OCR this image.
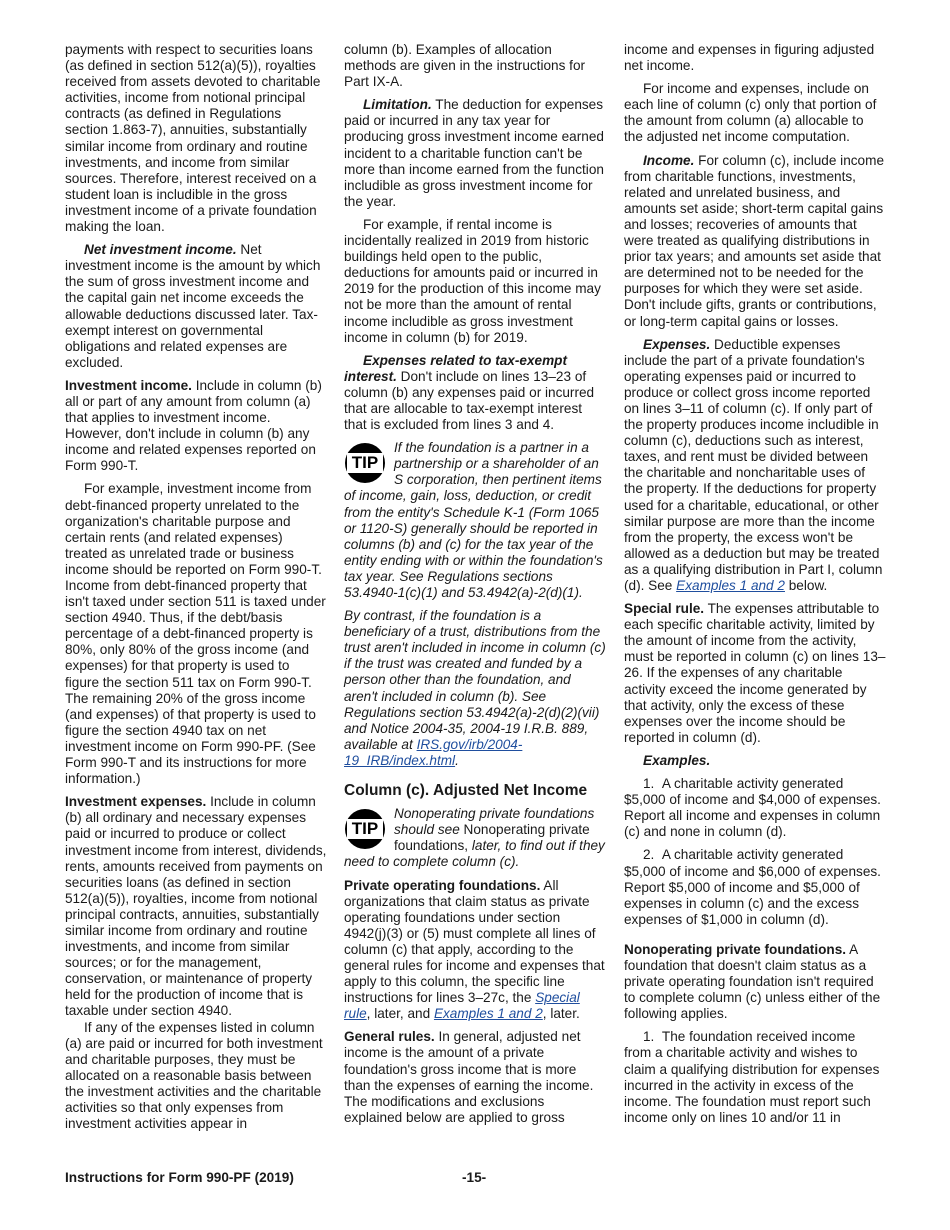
payments with respect to securities loans (as defined in section 512(a)(5)), royalties received from assets devoted to charitable activities, income from notional principal contracts (as defined in Regulations section 1.863-7), annuities, substantially similar income from ordinary and routine investments, and income from similar sources. Therefore, interest received on a student loan is includible in the gross investment income of a private foundation making the loan.

Net investment income. Net investment income is the amount by which the sum of gross investment income and the capital gain net income exceeds the allowable deductions discussed later. Tax-exempt interest on governmental obligations and related expenses are excluded.

Investment income. Include in column (b) all or part of any amount from column (a) that applies to investment income. However, don't include in column (b) any income and related expenses reported on Form 990-T.

For example, investment income from debt-financed property unrelated to the organization's charitable purpose and certain rents (and related expenses) treated as unrelated trade or business income should be reported on Form 990-T. Income from debt-financed property that isn't taxed under section 511 is taxed under section 4940. Thus, if the debt/basis percentage of a debt-financed property is 80%, only 80% of the gross income (and expenses) for that property is used to figure the section 511 tax on Form 990-T. The remaining 20% of the gross income (and expenses) of that property is used to figure the section 4940 tax on net investment income on Form 990-PF. (See Form 990-T and its instructions for more information.)

Investment expenses. Include in column (b) all ordinary and necessary expenses paid or incurred to produce or collect investment income from interest, dividends, rents, amounts received from payments on securities loans (as defined in section 512(a)(5)), royalties, income from notional principal contracts, annuities, substantially similar income from ordinary and routine investments, and income from similar sources; or for the management, conservation, or maintenance of property held for the production of income that is taxable under section 4940.

If any of the expenses listed in column (a) are paid or incurred for both investment and charitable purposes, they must be allocated on a reasonable basis between the investment activities and the charitable activities so that only expenses from investment activities appear in

column (b). Examples of allocation methods are given in the instructions for Part IX-A.

Limitation. The deduction for expenses paid or incurred in any tax year for producing gross investment income earned incident to a charitable function can't be more than income earned from the function includible as gross investment income for the year.

For example, if rental income is incidentally realized in 2019 from historic buildings held open to the public, deductions for amounts paid or incurred in 2019 for the production of this income may not be more than the amount of rental income includible as gross investment income in column (b) for 2019.

Expenses related to tax-exempt interest. Don't include on lines 13–23 of column (b) any expenses paid or incurred that are allocable to tax-exempt interest that is excluded from lines 3 and 4.

TIP

If the foundation is a partner in a partnership or a shareholder of an S corporation, then pertinent items of income, gain, loss, deduction, or credit from the entity's Schedule K-1 (Form 1065 or 1120-S) generally should be reported in columns (b) and (c) for the tax year of the entity ending with or within the foundation's tax year. See Regulations sections 53.4940-1(c)(1) and 53.4942(a)-2(d)(1).

By contrast, if the foundation is a beneficiary of a trust, distributions from the trust aren't included in income in column (c) if the trust was created and funded by a person other than the foundation, and aren't included in column (b). See Regulations section 53.4942(a)-2(d)(2)(vii) and Notice 2004-35, 2004-19 I.R.B. 889, available at IRS.gov/irb/2004-19_IRB/index.html.

Column (c). Adjusted Net Income
TIP

Nonoperating private foundations should see Nonoperating private foundations, later, to find out if they need to complete column (c).

Private operating foundations. All organizations that claim status as private operating foundations under section 4942(j)(3) or (5) must complete all lines of column (c) that apply, according to the general rules for income and expenses that apply to this column, the specific line instructions for lines 3–27c, the Special rule, later, and Examples 1 and 2, later.

General rules. In general, adjusted net income is the amount of a private foundation's gross income that is more than the expenses of earning the income. The modifications and exclusions explained below are applied to gross

income and expenses in figuring adjusted net income.

For income and expenses, include on each line of column (c) only that portion of the amount from column (a) allocable to the adjusted net income computation.

Income. For column (c), include income from charitable functions, investments, related and unrelated business, and amounts set aside; short-term capital gains and losses; recoveries of amounts that were treated as qualifying distributions in prior tax years; and amounts set aside that are determined not to be needed for the purposes for which they were set aside. Don't include gifts, grants or contributions, or long-term capital gains or losses.

Expenses. Deductible expenses include the part of a private foundation's operating expenses paid or incurred to produce or collect gross income reported on lines 3–11 of column (c). If only part of the property produces income includible in column (c), deductions such as interest, taxes, and rent must be divided between the charitable and noncharitable uses of the property. If the deductions for property used for a charitable, educational, or other similar purpose are more than the income from the property, the excess won't be allowed as a deduction but may be treated as a qualifying distribution in Part I, column (d). See Examples 1 and 2 below.

Special rule. The expenses attributable to each specific charitable activity, limited by the amount of income from the activity, must be reported in column (c) on lines 13–26. If the expenses of any charitable activity exceed the income generated by that activity, only the excess of these expenses over the income should be reported in column (d).

Examples.

1.  A charitable activity generated $5,000 of income and $4,000 of expenses. Report all income and expenses in column (c) and none in column (d).

2.  A charitable activity generated $5,000 of income and $6,000 of expenses. Report $5,000 of income and $5,000 of expenses in column (c) and the excess expenses of $1,000 in column (d).

Nonoperating private foundations. A foundation that doesn't claim status as a private operating foundation isn't required to complete column (c) unless either of the following applies.

1.  The foundation received income from a charitable activity and wishes to claim a qualifying distribution for expenses incurred in the activity in excess of the income. The foundation must report such income only on lines 10 and/or 11 in

Instructions for Form 990-PF (2019)	-15-
